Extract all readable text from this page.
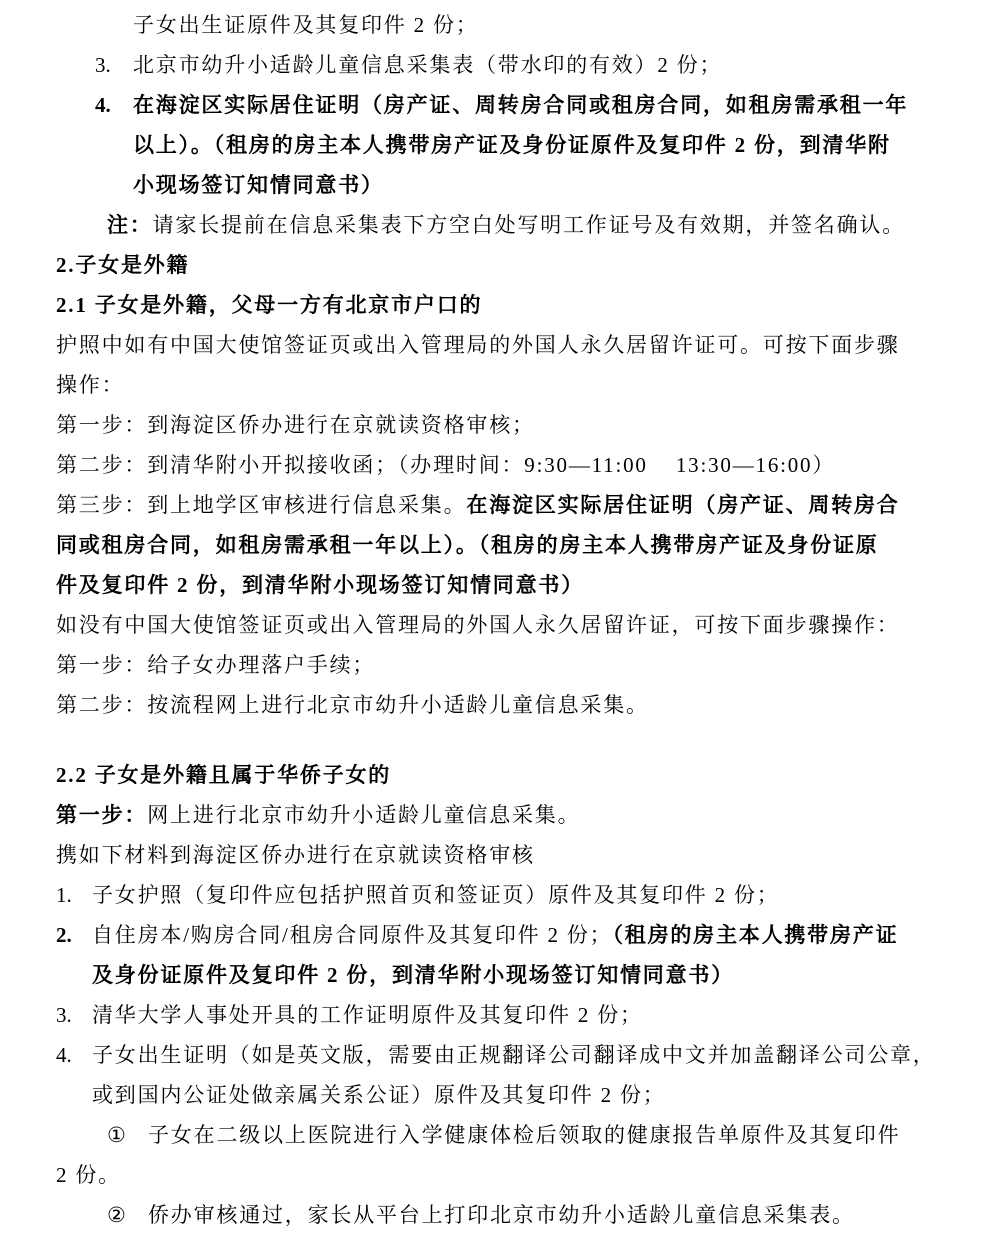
子女出生证原件及其复印件 2 份；
3. 北京市幼升小适龄儿童信息采集表（带水印的有效）2 份；
4. 在海淀区实际居住证明（房产证、周转房合同或租房合同，如租房需承租一年
以上）。（租房的房主本人携带房产证及身份证原件及复印件 2 份，到清华附
小现场签订知情同意书）
注：请家长提前在信息采集表下方空白处写明工作证号及有效期，并签名确认。
2.子女是外籍
2.1 子女是外籍，父母一方有北京市户口的
护照中如有中国大使馆签证页或出入管理局的外国人永久居留许证可。可按下面步骤
操作：
第一步：到海淀区侨办进行在京就读资格审核；
第二步：到清华附小开拟接收函；（办理时间：9:30—11:00    13:30—16:00）
第三步：到上地学区审核进行信息采集。在海淀区实际居住证明（房产证、周转房合
同或租房合同，如租房需承租一年以上）。（租房的房主本人携带房产证及身份证原
件及复印件 2 份，到清华附小现场签订知情同意书）
如没有中国大使馆签证页或出入管理局的外国人永久居留许证，可按下面步骤操作：
第一步：给子女办理落户手续；
第二步：按流程网上进行北京市幼升小适龄儿童信息采集。
2.2 子女是外籍且属于华侨子女的
第一步：网上进行北京市幼升小适龄儿童信息采集。
携如下材料到海淀区侨办进行在京就读资格审核
1. 子女护照（复印件应包括护照首页和签证页）原件及其复印件 2 份；
2. 自住房本/购房合同/租房合同原件及其复印件 2 份；（租房的房主本人携带房产证
及身份证原件及复印件 2 份，到清华附小现场签订知情同意书）
3. 清华大学人事处开具的工作证明原件及其复印件 2 份；
4. 子女出生证明（如是英文版，需要由正规翻译公司翻译成中文并加盖翻译公司公章，
或到国内公证处做亲属关系公证）原件及其复印件 2 份；
① 子女在二级以上医院进行入学健康体检后领取的健康报告单原件及其复印件
2 份。
② 侨办审核通过，家长从平台上打印北京市幼升小适龄儿童信息采集表。
